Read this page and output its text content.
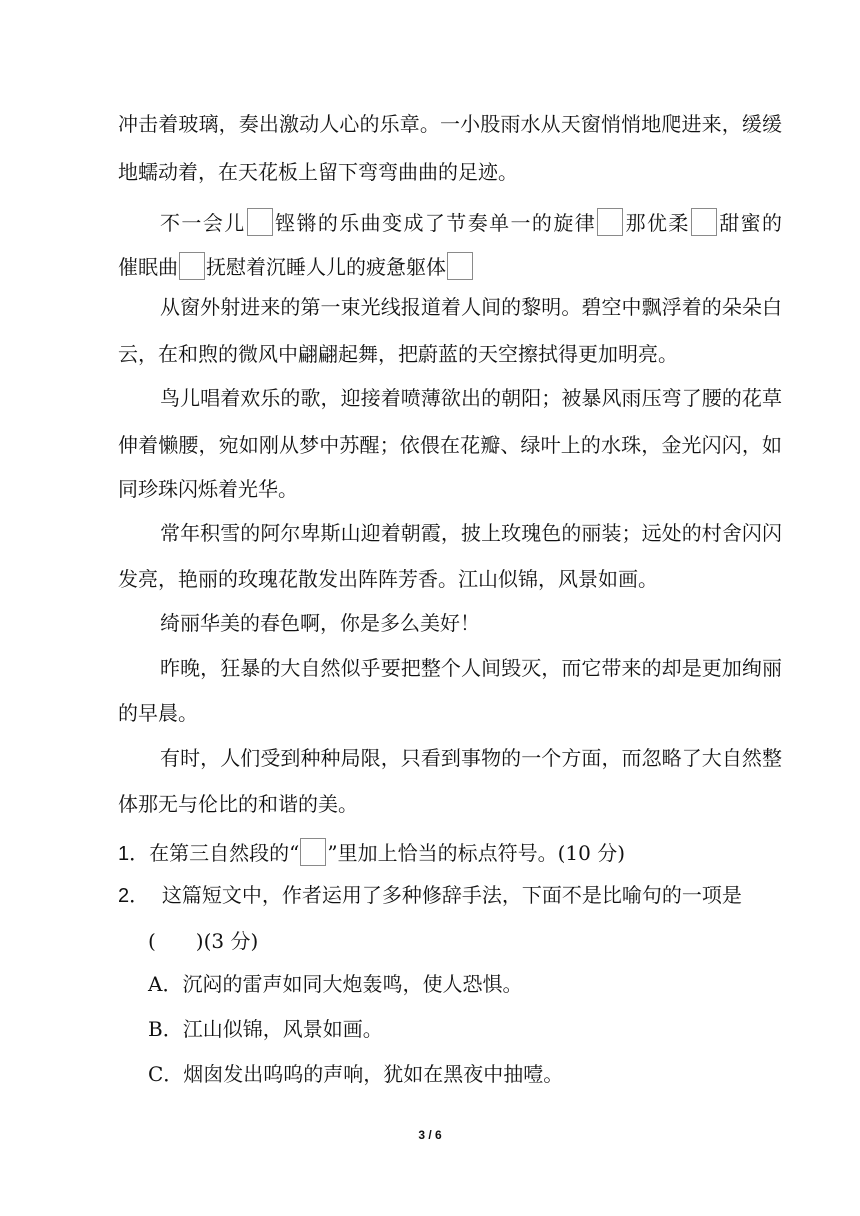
冲击着玻璃，奏出激动人心的乐章。一小股雨水从天窗悄悄地爬进来，缓缓
地蠕动着，在天花板上留下弯弯曲曲的足迹。
不一会儿 铿锵的乐曲变成了节奏单一的旋律 那优柔 甜蜜的
催眠曲 抚慰着沉睡人儿的疲惫躯体
从窗外射进来的第一束光线报道着人间的黎明。碧空中飘浮着的朵朵白
云，在和煦的微风中翩翩起舞，把蔚蓝的天空擦拭得更加明亮。
鸟儿唱着欢乐的歌，迎接着喷薄欲出的朝阳；被暴风雨压弯了腰的花草
伸着懒腰，宛如刚从梦中苏醒；依偎在花瓣、绿叶上的水珠，金光闪闪，如
同珍珠闪烁着光华。
常年积雪的阿尔卑斯山迎着朝霞，披上玫瑰色的丽装；远处的村舍闪闪
发亮，艳丽的玫瑰花散发出阵阵芳香。江山似锦，风景如画。
绮丽华美的春色啊，你是多么美好！
昨晚，狂暴的大自然似乎要把整个人间毁灭，而它带来的却是更加绚丽
的早晨。
有时，人们受到种种局限，只看到事物的一个方面，而忽略了大自然整
体那无与伦比的和谐的美。
1．在第三自然段的“ ”里加上恰当的标点符号。(10 分)
2． 这篇短文中，作者运用了多种修辞手法，下面不是比喻句的一项是
(　　)(3 分)
A．沉闷的雷声如同大炮轰鸣，使人恐惧。
B．江山似锦，风景如画。
C．烟囱发出呜呜的声响，犹如在黑夜中抽噎。
3 / 6
